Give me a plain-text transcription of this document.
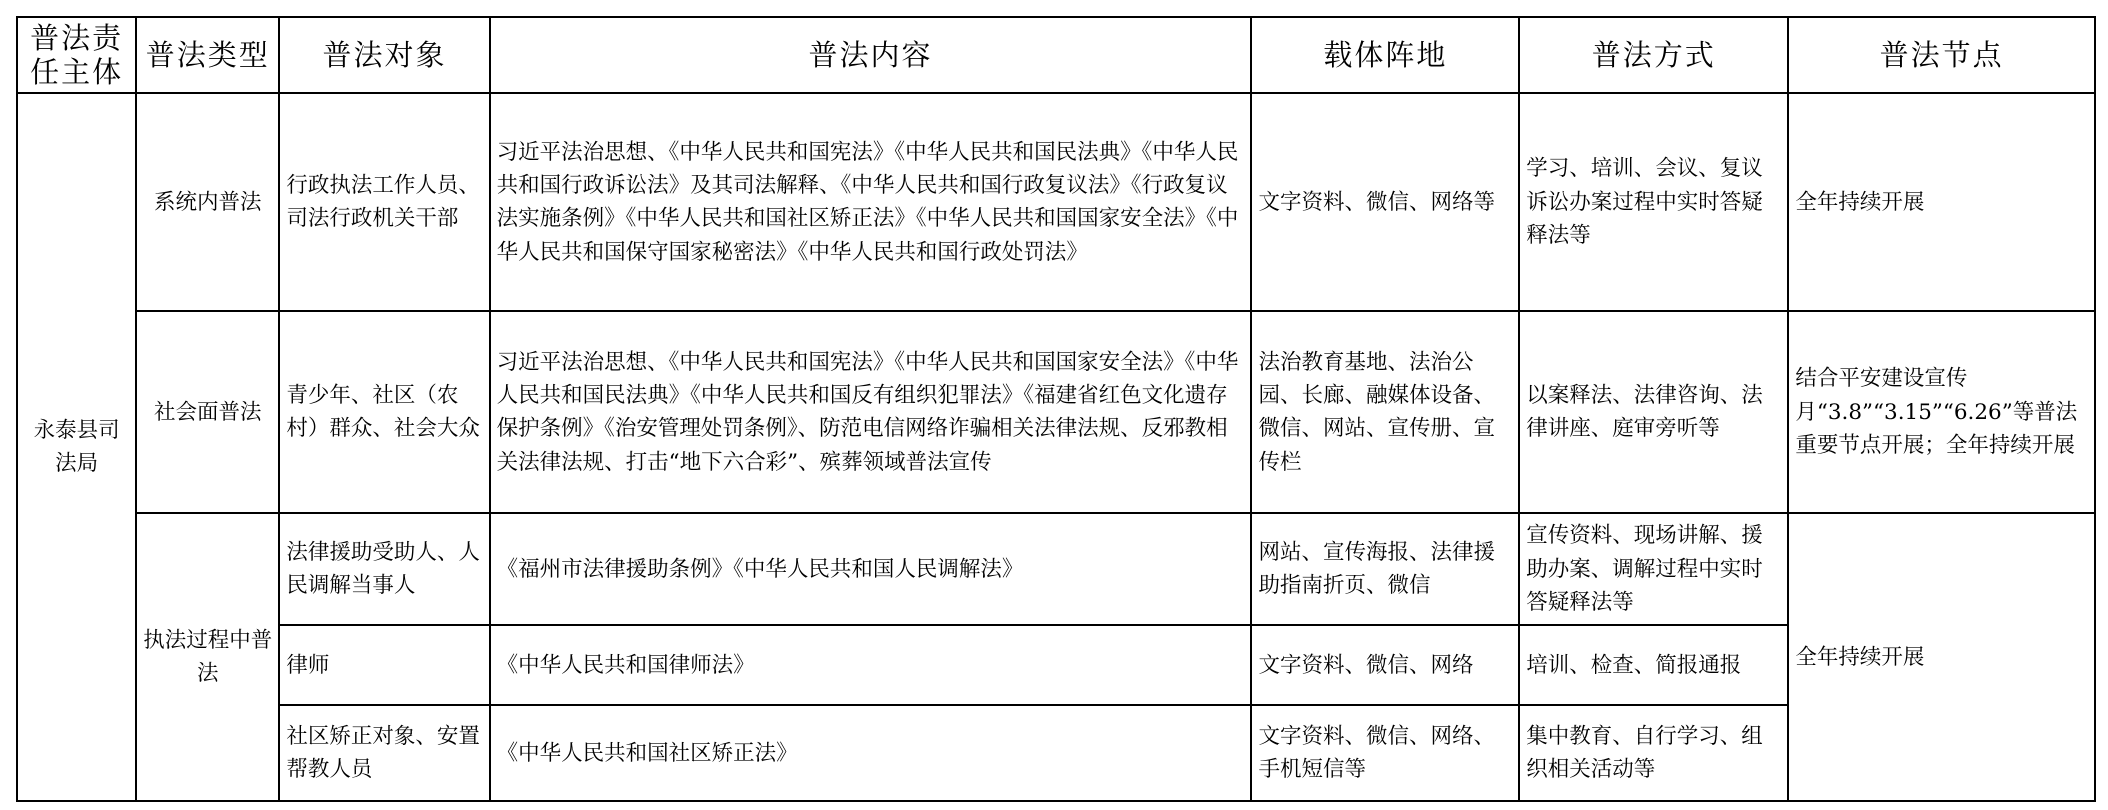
普法责任主体	普法类型	普法对象	普法内容	载体阵地	普法方式	普法节点
永泰县司法局	系统内普法	行政执法工作人员、司法行政机关干部	习近平法治思想、《中华人民共和国宪法》《中华人民共和国民法典》《中华人民共和国行政诉讼法》及其司法解释、《中华人民共和国行政复议法》《行政复议法实施条例》《中华人民共和国社区矫正法》《中华人民共和国国家安全法》《中华人民共和国保守国家秘密法》《中华人民共和国行政处罚法》	文字资料、微信、网络等	学习、培训、会议、复议诉讼办案过程中实时答疑释法等	全年持续开展
	社会面普法	青少年、社区（农村）群众、社会大众	习近平法治思想、《中华人民共和国宪法》《中华人民共和国国家安全法》《中华人民共和国民法典》《中华人民共和国反有组织犯罪法》《福建省红色文化遗存保护条例》《治安管理处罚条例》、防范电信网络诈骗相关法律法规、反邪教相关法律法规、打击“地下六合彩”、殡葬领域普法宣传	法治教育基地、法治公园、长廊、融媒体设备、微信、网站、宣传册、宣传栏	以案释法、法律咨询、法律讲座、庭审旁听等	结合平安建设宣传月“3.8”“3.15”“6.26”等普法重要节点开展；全年持续开展
	执法过程中普法	法律援助受助人、人民调解当事人	《福州市法律援助条例》《中华人民共和国人民调解法》	网站、宣传海报、法律援助指南折页、微信	宣传资料、现场讲解、援助办案、调解过程中实时答疑释法等	全年持续开展
		律师	《中华人民共和国律师法》	文字资料、微信、网络	培训、检查、简报通报	
		社区矫正对象、安置帮教人员	《中华人民共和国社区矫正法》	文字资料、微信、网络、手机短信等	集中教育、自行学习、组织相关活动等	
